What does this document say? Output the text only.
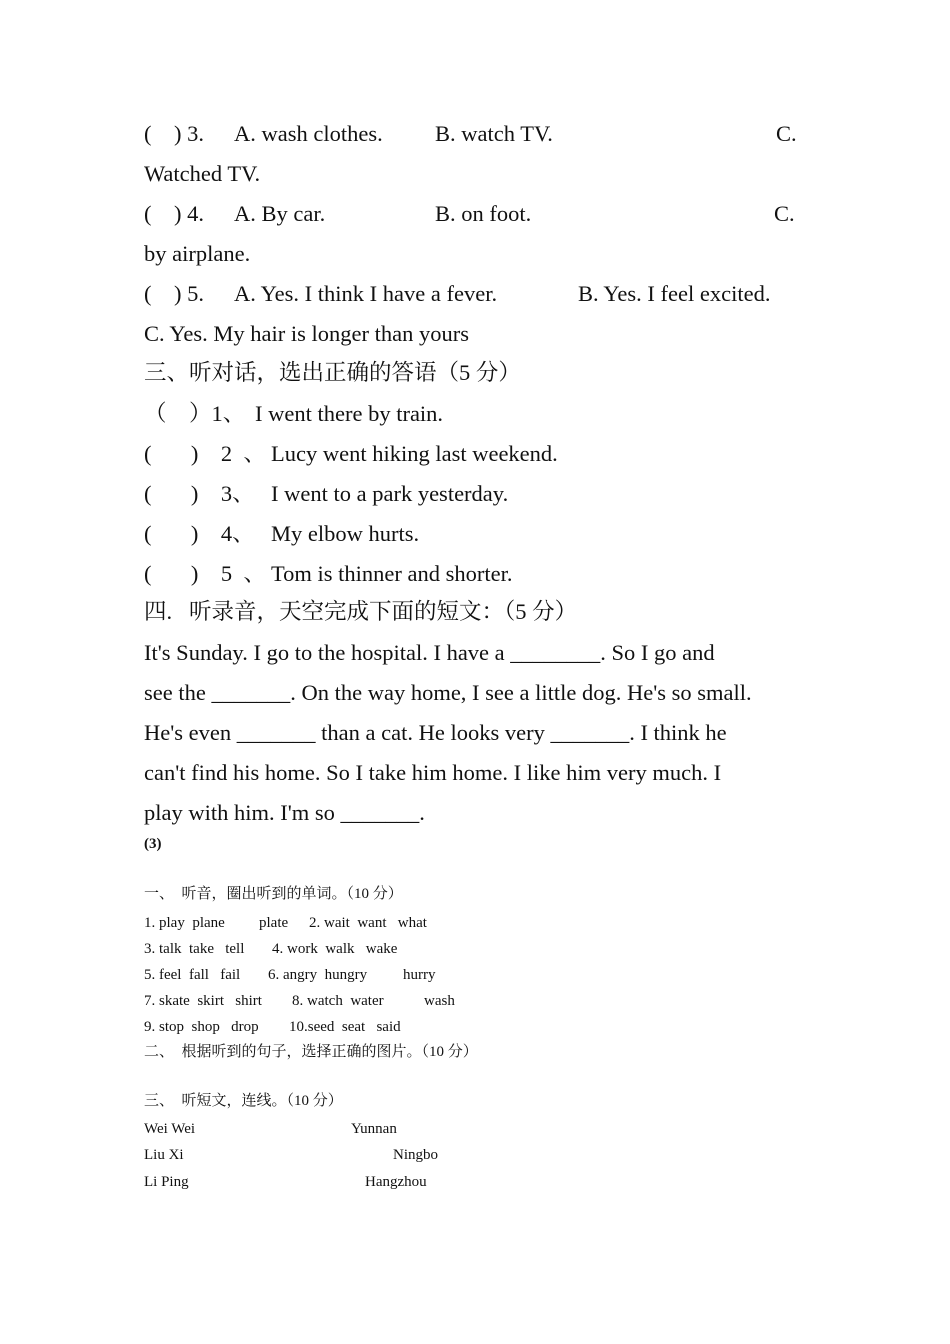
(    ) 3. A. wash clothes. B. watch TV.	C.
Watched TV.
(    ) 4. A. By car.	B. on foot.	C.
by airplane.
(    ) 5. A. Yes. I think I have a fever.	B. Yes. I feel excited.
C. Yes. My hair is longer than yours
三、听对话，选出正确的答语（5 分）
（    ）1、 I went there by train.
(       )    2  、 Lucy went hiking last weekend.
(       )    3、 I went to a park yesterday.
(       )    4、 My elbow hurts.
(       )    5  、 Tom is thinner and shorter.
四.   听录音，天空完成下面的短文：（5 分）
It's Sunday. I go to the hospital. I have a ________. So I go and
see the _______. On the way home, I see a little dog. He's so small.
He's even _______ than a cat. He looks very _______. I think he
can't find his home. So I take him home. I like him very much. I
play with him. I'm so _______.
(3)
一、  听音，圈出听到的单词。（10 分）
1. play  plane plate 2. wait  want   what
3. talk  take   tell 4. work  walk   wake
5. feel  fall   fail 6. angry  hungry hurry
7. skate  skirt   shirt 8. watch  water	wash
9. stop  shop   drop 10.seed  seat   said
二、  根据听到的句子，选择正确的图片。（10 分）
三、  听短文，连线。（10 分）
Wei Wei	Yunnan
Liu Xi	Ningbo
Li Ping	Hangzhou
